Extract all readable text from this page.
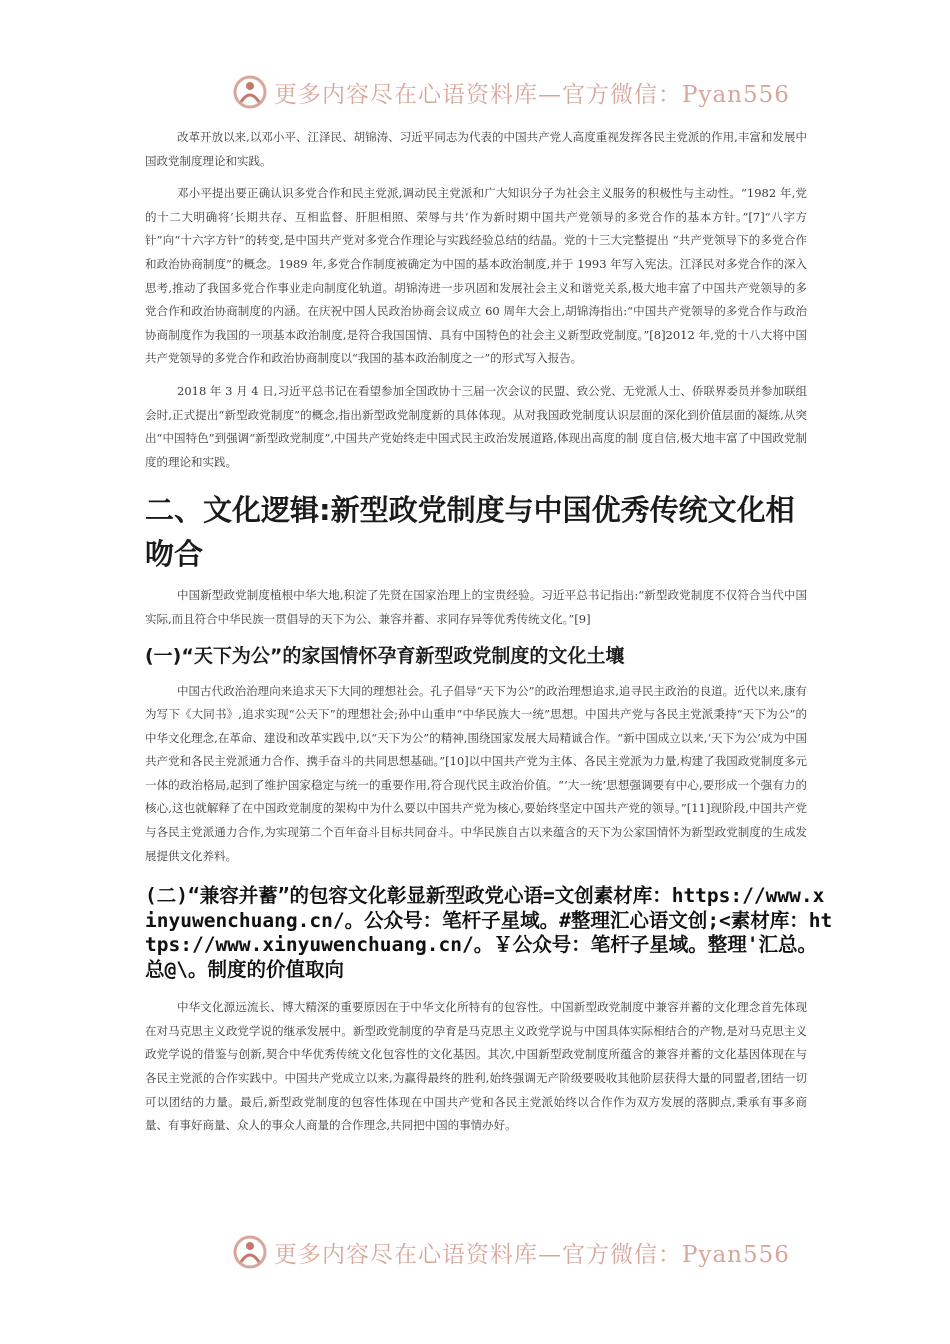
更多内容尽在心语资料库—官方微信：Pyan556

改革开放以来,以邓小平、江泽民、胡锦涛、习近平同志为代表的中国共产党人高度重视发挥各民主党派的作用,丰富和发展中国政党制度理论和实践。

邓小平提出要正确认识多党合作和民主党派,调动民主党派和广大知识分子为社会主义服务的积极性与主动性。“1982 年,党的十二大明确将‘长期共存、互相监督、肝胆相照、荣辱与共’作为新时期中国共产党领导的多党合作的基本方针。”[7]“八字方针”向“十六字方针”的转变,是中国共产党对多党合作理论与实践经验总结的结晶。党的十三大完整提出 “共产党领导下的多党合作和政治协商制度”的概念。1989 年,多党合作制度被确定为中国的基本政治制度,并于 1993 年写入宪法。江泽民对多党合作的深入思考,推动了我国多党合作事业走向制度化轨道。胡锦涛进一步巩固和发展社会主义和谐党关系,极大地丰富了中国共产党领导的多党合作和政治协商制度的内涵。在庆祝中国人民政治协商会议成立 60 周年大会上,胡锦涛指出:“中国共产党领导的多党合作与政治协商制度作为我国的一项基本政治制度,是符合我国国情、具有中国特色的社会主义新型政党制度。”[8]2012 年,党的十八大将中国共产党领导的多党合作和政治协商制度以“我国的基本政治制度之一”的形式写入报告。

2018 年 3 月 4 日,习近平总书记在看望参加全国政协十三届一次会议的民盟、致公党、无党派人士、侨联界委员并参加联组会时,正式提出“新型政党制度”的概念,指出新型政党制度新的具体体现。从对我国政党制度认识层面的深化到价值层面的凝练,从突出“中国特色”到强调“新型政党制度”,中国共产党始终走中国式民主政治发展道路,体现出高度的制 度自信,极大地丰富了中国政党制度的理论和实践。

二、文化逻辑:新型政党制度与中国优秀传统文化相吻合

中国新型政党制度植根中华大地,积淀了先贤在国家治理上的宝贵经验。习近平总书记指出:“新型政党制度不仅符合当代中国实际,而且符合中华民族一贯倡导的天下为公、兼容并蓄、求同存异等优秀传统文化。”[9]

(一)“天下为公”的家国情怀孕育新型政党制度的文化土壤

中国古代政治治理向来追求天下大同的理想社会。孔子倡导“天下为公”的政治理想追求,追寻民主政治的良道。近代以来,康有为写下《大同书》,追求实现“公天下”的理想社会;孙中山重申“中华民族大一统”思想。中国共产党与各民主党派秉持“天下为公”的中华文化理念,在革命、建设和改革实践中,以“天下为公”的精神,围绕国家发展大局精诚合作。“新中国成立以来,‘天下为公’成为中国共产党和各民主党派通力合作、携手奋斗的共同思想基础。”[10]以中国共产党为主体、各民主党派为力量,构建了我国政党制度多元一体的政治格局,起到了维护国家稳定与统一的重要作用,符合现代民主政治价值。“‘大一统’思想强调要有中心,要形成一个强有力的核心,这也就解释了在中国政党制度的架构中为什么要以中国共产党为核心,要始终坚定中国共产党的领导。”[11]现阶段,中国共产党与各民主党派通力合作,为实现第二个百年奋斗目标共同奋斗。中华民族自古以来蕴含的天下为公家国情怀为新型政党制度的生成发展提供文化养料。

(二)“兼容并蓄”的包容文化彰显新型政党心语=文创素材库：https://www.xinyuwenchuang.cn/。公众号：笔杆子星域。#整理汇心语文创;<素材库：https://www.xinyuwenchuang.cn/。￥公众号：笔杆子星域。整理'汇总。总@\。制度的价值取向

中华文化源远流长、博大精深的重要原因在于中华文化所特有的包容性。中国新型政党制度中兼容并蓄的文化理念首先体现在对马克思主义政党学说的继承发展中。新型政党制度的孕育是马克思主义政党学说与中国具体实际相结合的产物,是对马克思主义政党学说的借鉴与创新,契合中华优秀传统文化包容性的文化基因。其次,中国新型政党制度所蕴含的兼容并蓄的文化基因体现在与各民主党派的合作实践中。中国共产党成立以来,为赢得最终的胜利,始终强调无产阶级要吸收其他阶层获得大量的同盟者,团结一切可以团结的力量。最后,新型政党制度的包容性体现在中国共产党和各民主党派始终以合作作为双方发展的落脚点,秉承有事多商量、有事好商量、众人的事众人商量的合作理念,共同把中国的事情办好。

更多内容尽在心语资料库—官方微信：Pyan556
